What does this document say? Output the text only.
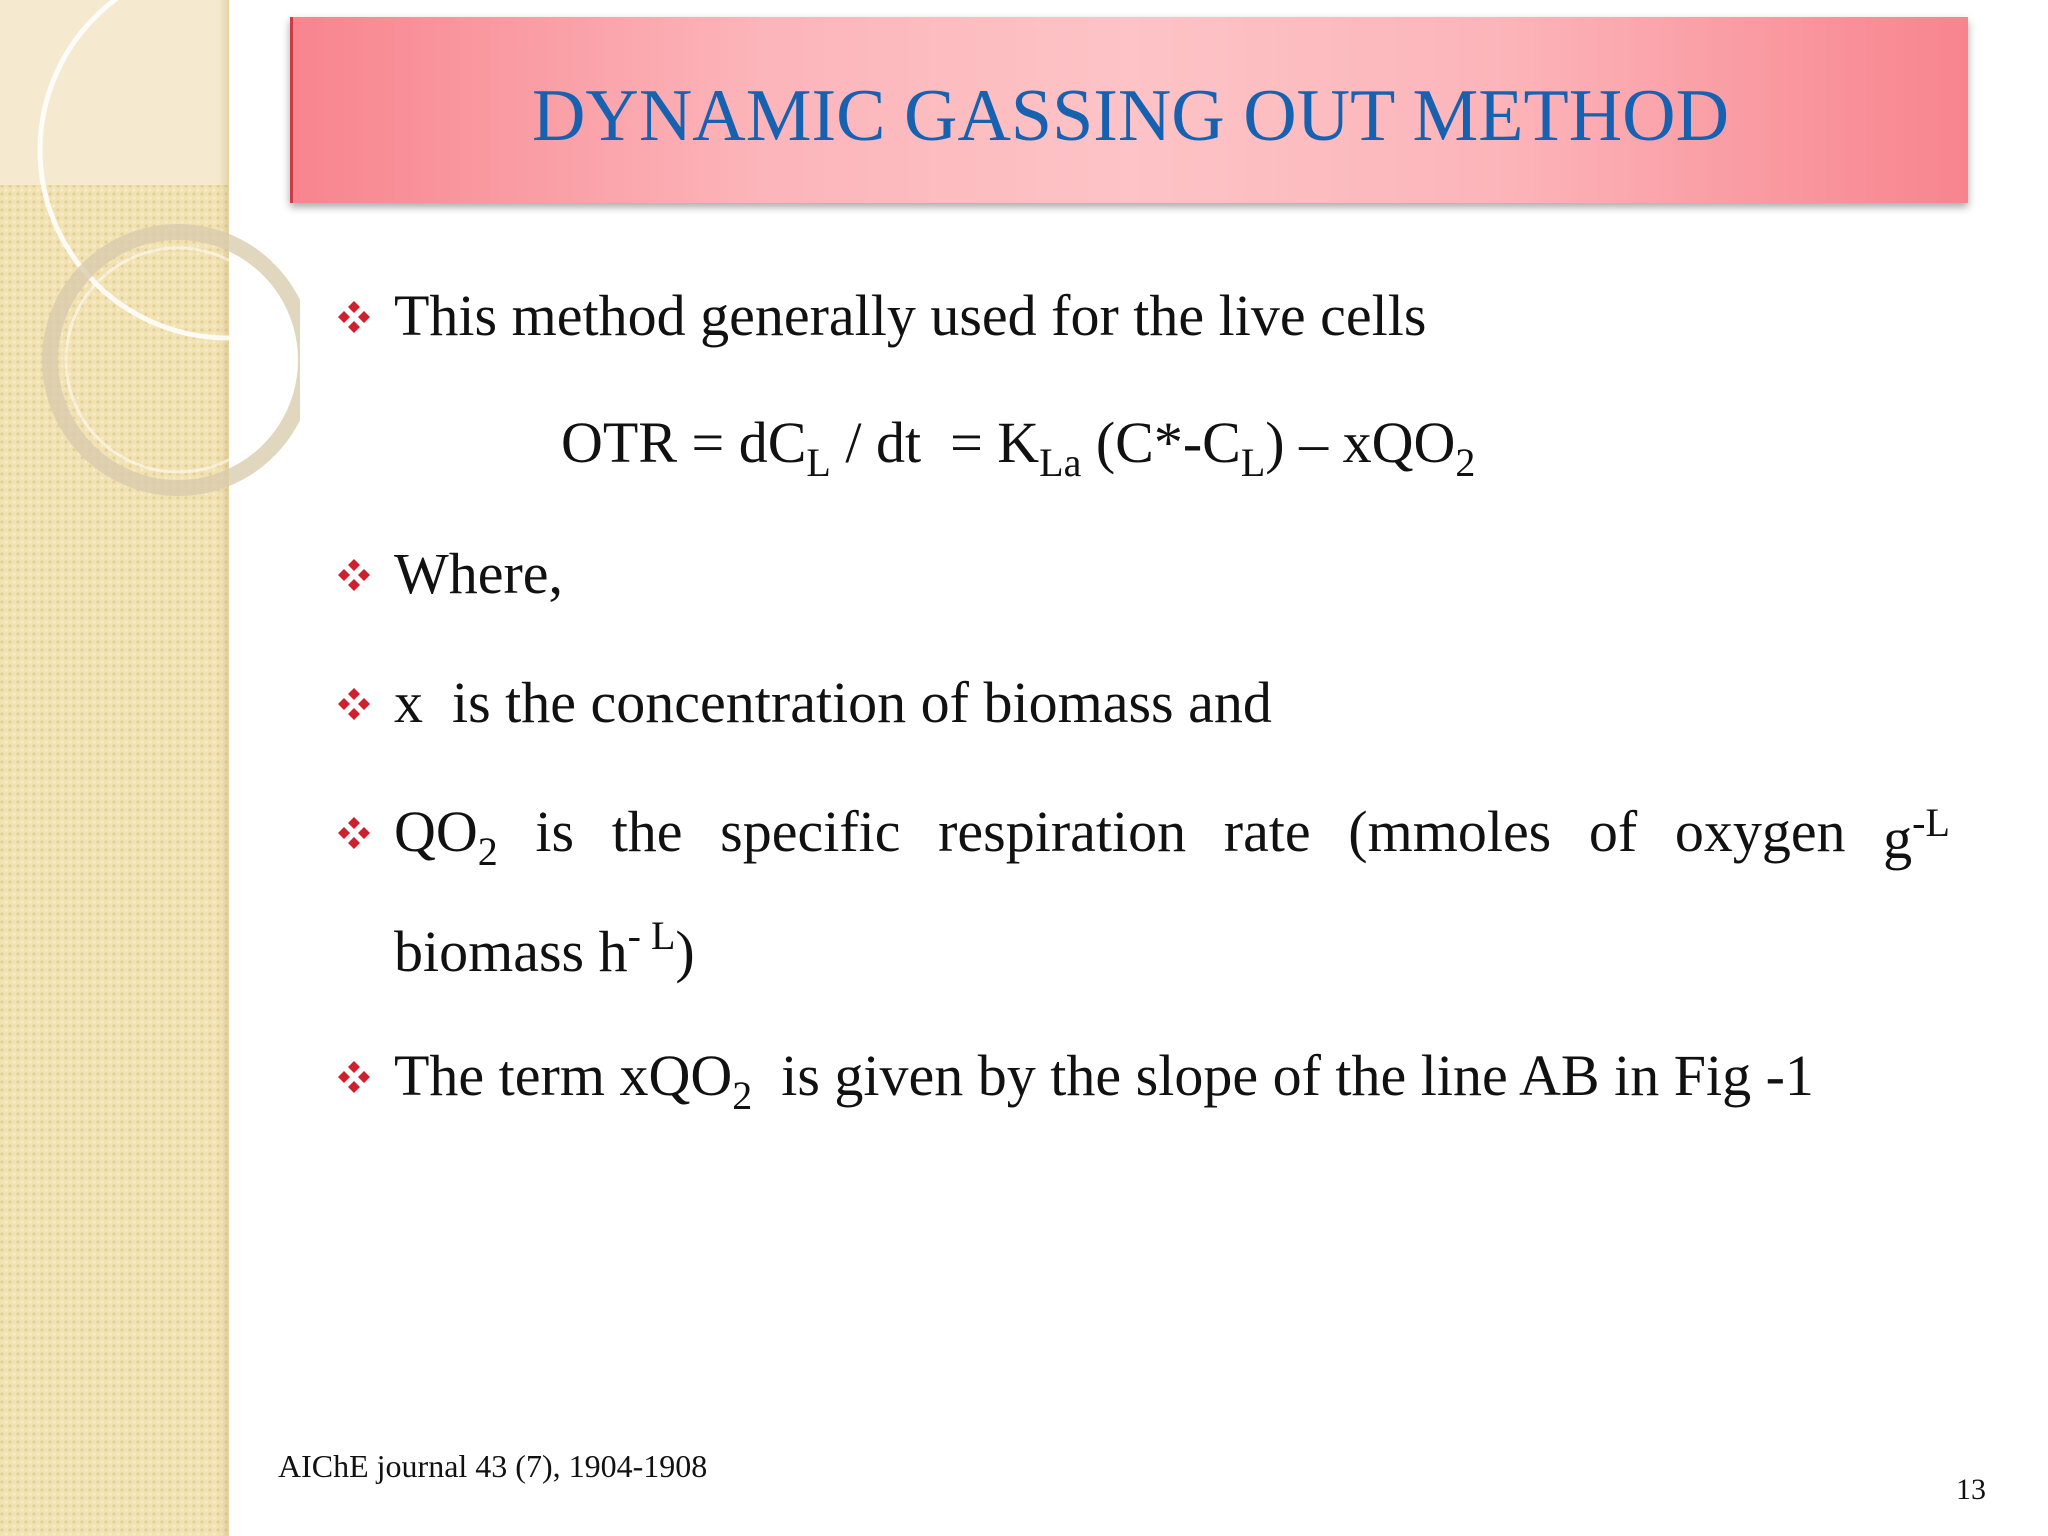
DYNAMIC GASSING OUT METHOD
This method generally used for the live cells
OTR = $dC_L$ / dt  = $K_{La}$ $(C*-C_L) - xQO_2$
Where,
x  is the concentration of biomass and
$QO_2$ is the specific respiration rate (mmoles of oxygen $g^{-L}$
biomass $h^{- L}$)
The term xQO$_2$  is given by the slope of the line AB in Fig -1
AIChE journal 43 (7), 1904-1908
13
